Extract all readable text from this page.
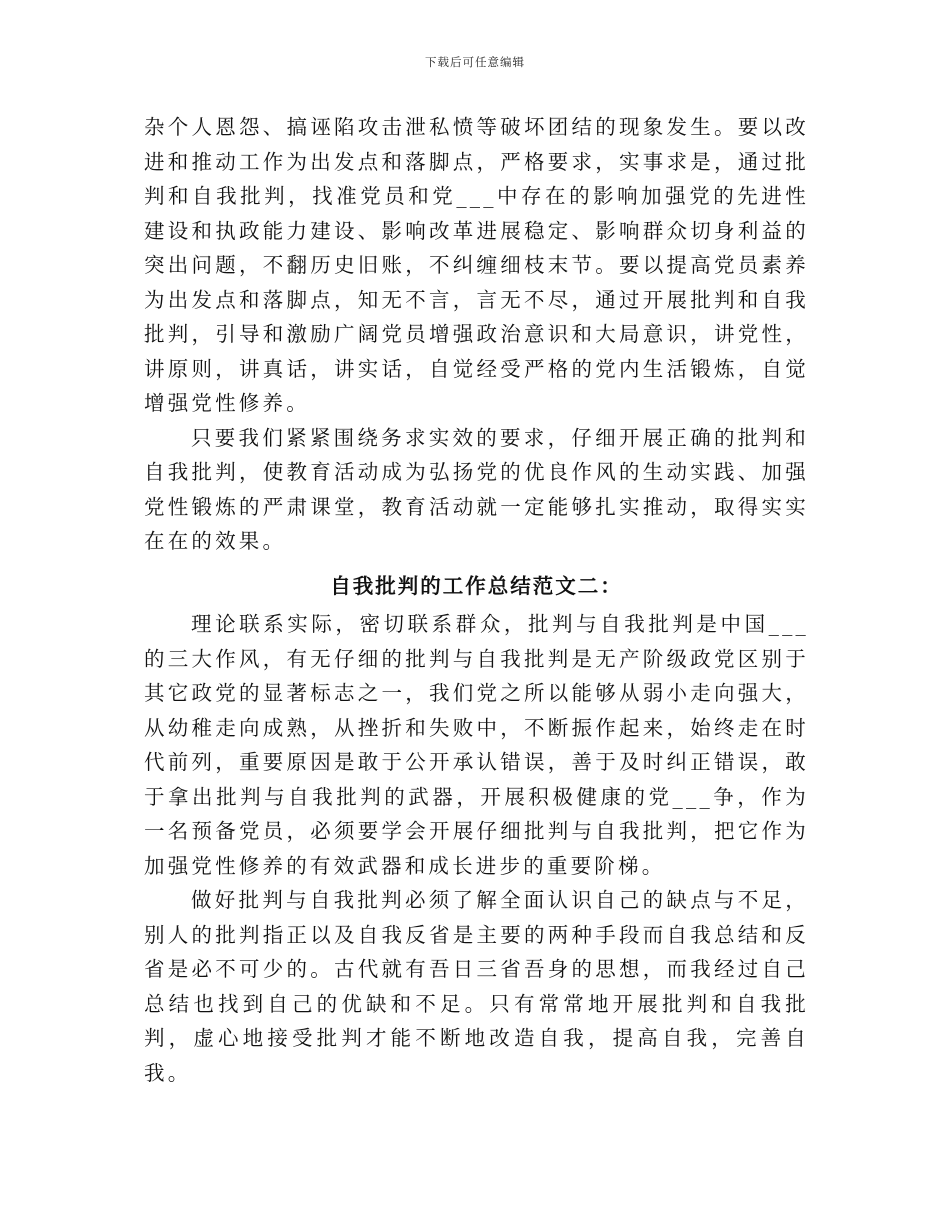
下载后可任意编辑

杂个人恩怨、搞诬陷攻击泄私愤等破坏团结的现象发生。要以改进和推动工作为出发点和落脚点，严格要求，实事求是，通过批判和自我批判，找准党员和党___中存在的影响加强党的先进性建设和执政能力建设、影响改革进展稳定、影响群众切身利益的突出问题，不翻历史旧账，不纠缠细枝末节。要以提高党员素养为出发点和落脚点，知无不言，言无不尽，通过开展批判和自我批判，引导和激励广阔党员增强政治意识和大局意识，讲党性，讲原则，讲真话，讲实话，自觉经受严格的党内生活锻炼，自觉增强党性修养。

只要我们紧紧围绕务求实效的要求，仔细开展正确的批判和自我批判，使教育活动成为弘扬党的优良作风的生动实践、加强党性锻炼的严肃课堂，教育活动就一定能够扎实推动，取得实实在在的效果。

自我批判的工作总结范文二：

理论联系实际，密切联系群众，批判与自我批判是中国___的三大作风，有无仔细的批判与自我批判是无产阶级政党区别于其它政党的显著标志之一，我们党之所以能够从弱小走向强大，从幼稚走向成熟，从挫折和失败中，不断振作起来，始终走在时代前列，重要原因是敢于公开承认错误，善于及时纠正错误，敢于拿出批判与自我批判的武器，开展积极健康的党___争，作为一名预备党员，必须要学会开展仔细批判与自我批判，把它作为加强党性修养的有效武器和成长进步的重要阶梯。

做好批判与自我批判必须了解全面认识自己的缺点与不足，别人的批判指正以及自我反省是主要的两种手段而自我总结和反省是必不可少的。古代就有吾日三省吾身的思想，而我经过自己总结也找到自己的优缺和不足。只有常常地开展批判和自我批判，虚心地接受批判才能不断地改造自我，提高自我，完善自我。
